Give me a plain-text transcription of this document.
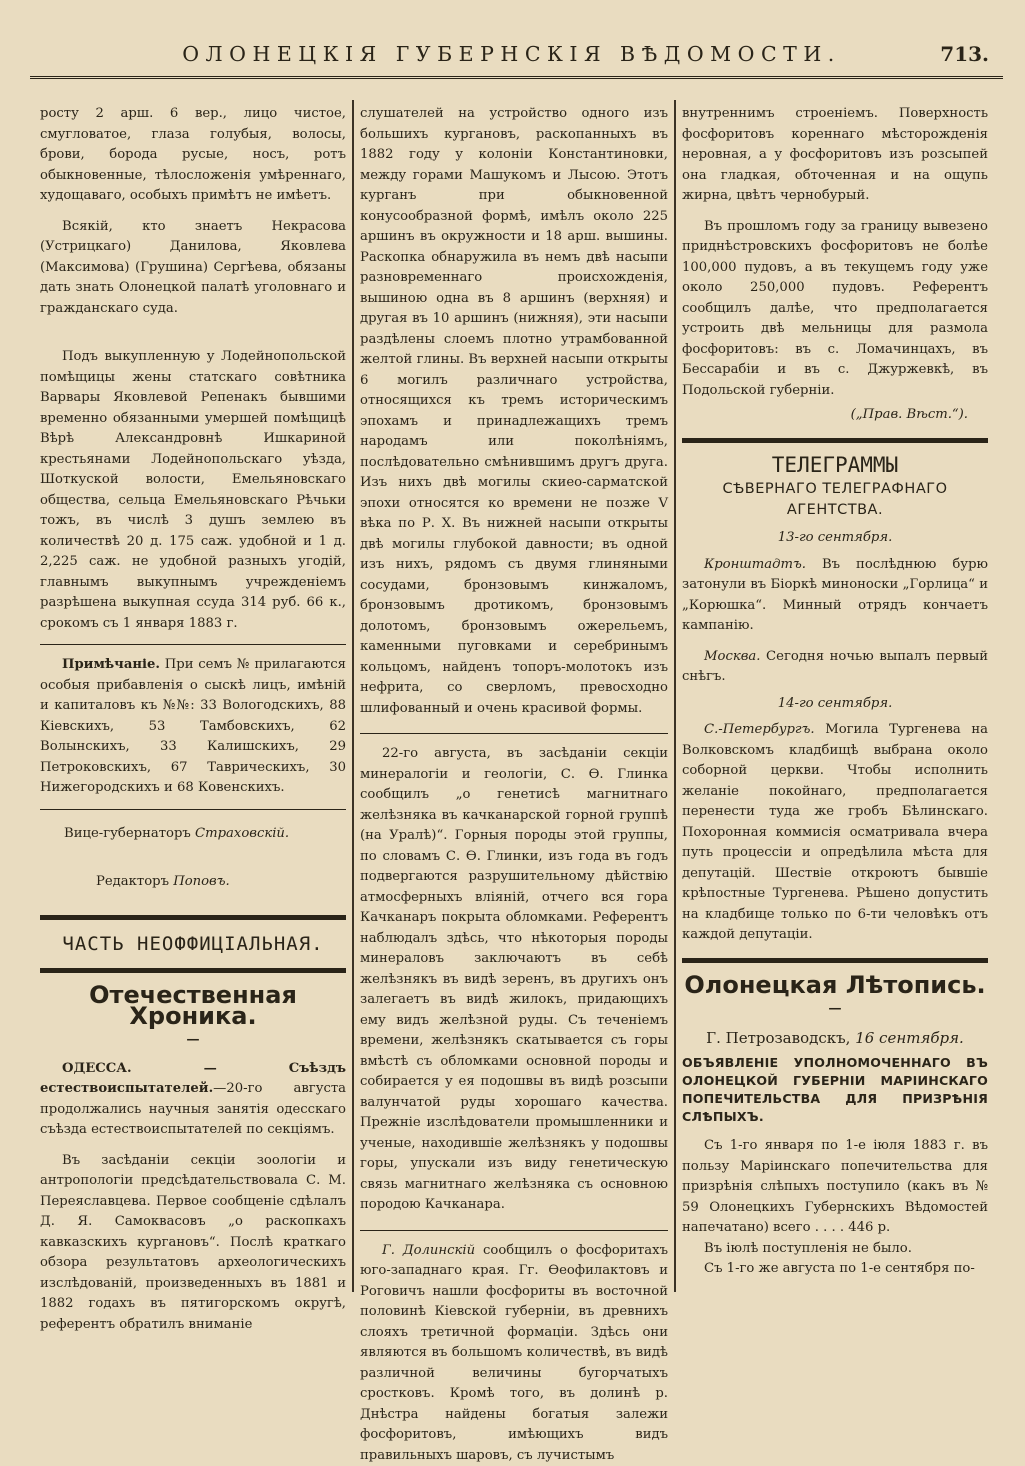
ОЛОНЕЦКІЯ ГУБЕРНСКІЯ ВѢДОМОСТИ.	713.

росту 2 арш. 6 вер., лицо чистое, смугловатое, глаза голубыя, волосы, брови, борода русые, носъ, ротъ обыкновенные, тѣлосложенія умѣреннаго, худощаваго, особыхъ примѣтъ не имѣетъ.

Всякій, кто знаетъ Некрасова (Устрицкаго) Данилова, Яковлева (Максимова) (Грушина) Сергѣева, обязаны дать знать Олонецкой палатѣ уголовнаго и гражданскаго суда.

Подъ выкупленную у Лодейнопольской помѣщицы жены статскаго совѣтника Варвары Яковлевой Репенакъ бывшими временно обязанными умершей помѣщицѣ Вѣрѣ Александровнѣ Ишкариной крестьянами Лодейнопольскаго уѣзда, Шоткуской волости, Емельяновскаго общества, сельца Емельяновскаго Рѣчьки тожъ, въ числѣ 3 душъ землею въ количествѣ 20 д. 175 саж. удобной и 1 д. 2,225 саж. не удобной разныхъ угодій, главнымъ выкупнымъ учрежденіемъ разрѣшена выкупная ссуда 314 руб. 66 к., срокомъ съ 1 января 1883 г.

Примѣчаніе. При семъ № прилагаются особыя прибавленія о сыскѣ лицъ, имѣній и капиталовъ къ №№: 33 Вологодскихъ, 88 Кіевскихъ, 53 Тамбовскихъ, 62 Волынскихъ, 33 Калишскихъ, 29 Петроковскихъ, 67 Таврическихъ, 30 Нижегородскихъ и 68 Ковенскихъ.

Вице-губернаторъ Страховскій.

Редакторъ Поповъ.

ЧАСТЬ НЕОФФИЦІАЛЬНАЯ.
Отечественная Хроника.
—

ОДЕССА. — Съѣздъ естествоиспытателей.—20-го августа продолжались научныя занятія одесскаго съѣзда естествоиспытателей по секціямъ.

Въ засѣданіи секціи зоологіи и антропологіи предсѣдательствовала С. М. Переяславцева. Первое сообщеніе сдѣлалъ Д. Я. Самоквасовъ „о раскопкахъ кавказскихъ кургановъ“. Послѣ краткаго обзора результатовъ археологическихъ изслѣдованій, произведенныхъ въ 1881 и 1882 годахъ въ пятигорскомъ округѣ, референтъ обратилъ вниманіе

слушателей на устройство одного изъ большихъ кургановъ, раскопанныхъ въ 1882 году у колоніи Константиновки, между горами Машукомъ и Лысою. Этотъ курганъ при обыкновенной конусообразной формѣ, имѣлъ около 225 аршинъ въ окружности и 18 арш. вышины. Раскопка обнаружила въ немъ двѣ насыпи разновременнаго происхожденія, вышиною одна въ 8 аршинъ (верхняя) и другая въ 10 аршинъ (нижняя), эти насыпи раздѣлены слоемъ плотно утрамбованной желтой глины. Въ верхней насыпи открыты 6 могилъ различнаго устройства, относящихся къ тремъ историческимъ эпохамъ и принадлежащихъ тремъ народамъ или поколѣніямъ, послѣдовательно смѣнившимъ другъ друга. Изъ нихъ двѣ могилы скиео-сарматской эпохи относятся ко времени не позже V вѣка по Р. Х. Въ нижней насыпи открыты двѣ могилы глубокой давности; въ одной изъ нихъ, рядомъ съ двумя глиняными сосудами, бронзовымъ кинжаломъ, бронзовымъ дротикомъ, бронзовымъ долотомъ, бронзовымъ ожерельемъ, каменными пуговками и серебринымъ кольцомъ, найденъ топоръ-молотокъ изъ нефрита, со сверломъ, превосходно шлифованный и очень красивой формы.

22-го августа, въ засѣданіи секціи минералогіи и геологіи, С. Ѳ. Глинка сообщилъ „о генетисѣ магнитнаго желѣзняка въ качканарской горной группѣ (на Уралѣ)“. Горныя породы этой группы, по словамъ С. Ѳ. Глинки, изъ года въ годъ подвергаются разрушительному дѣйствію атмосферныхъ вліяній, отчего вся гора Качканаръ покрыта обломками. Референтъ наблюдалъ здѣсь, что нѣкоторыя породы минераловъ заключаютъ въ себѣ желѣзнякъ въ видѣ зеренъ, въ другихъ онъ залегаетъ въ видѣ жилокъ, придающихъ ему видъ желѣзной руды. Съ теченіемъ времени, желѣзнякъ скатывается съ горы вмѣстѣ съ обломками основной породы и собирается у ея подошвы въ видѣ розсыпи валунчатой руды хорошаго качества. Прежніе изслѣдователи промышленники и ученые, находившіе желѣзнякъ у подошвы горы, упускали изъ виду генетическую связь магнитнаго желѣзняка съ основною породою Качканара.

Г. Долинскій сообщилъ о фосфоритахъ юго-западнаго края. Гг. Ѳеофилактовъ и Роговичъ нашли фосфориты въ восточной половинѣ Кіевской губерніи, въ древнихъ слояхъ третичной формаціи. Здѣсь они являются въ большомъ количествѣ, въ видѣ различной величины бугорчатыхъ сростковъ. Кромѣ того, въ долинѣ р. Днѣстра найдены богатыя залежи фосфоритовъ, имѣющихъ видъ правильныхъ шаровъ, съ лучистымъ

внутреннимъ строеніемъ. Поверхность фосфоритовъ кореннаго мѣсторожденія неровная, а у фосфоритовъ изъ розсыпей она гладкая, обточенная и на ощупь жирна, цвѣтъ чернобурый.

Въ прошломъ году за границу вывезено приднѣстровскихъ фосфоритовъ не болѣе 100,000 пудовъ, а въ текущемъ году уже около 250,000 пудовъ. Референтъ сообщилъ далѣе, что предполагается устроить двѣ мельницы для размола фосфоритовъ: въ с. Ломачинцахъ, въ Бессарабіи и въ с. Джуржевкѣ, въ Подольской губерніи.

(„Прав. Вѣст.“).
ТЕЛЕГРАММЫ
СѢВЕРНАГО ТЕЛЕГРАФНАГО АГЕНТСТВА.
13-го сентября.

Кронштадтъ. Въ послѣднюю бурю затонули въ Біоркѣ миноноски „Горлица“ и „Корюшка“. Минный отрядъ кончаетъ кампанію.

Москва. Сегодня ночью выпалъ первый снѣгъ.

14-го сентября.

С.-Петербургъ. Могила Тургенева на Волковскомъ кладбищѣ выбрана около соборной церкви. Чтобы исполнить желаніе покойнаго, предполагается перенести туда же гробъ Бѣлинскаго. Похоронная коммисія осматривала вчера путь процессіи и опредѣлила мѣста для депутацій. Шествіе откроютъ бывшіе крѣпостные Тургенева. Рѣшено допустить на кладбище только по 6-ти человѣкъ отъ каждой депутаціи.

Олонецкая Лѣтопись.
—
Г. Петрозаводскъ, 16 сентября.
ОБЪЯВЛЕНІЕ УПОЛНОМОЧЕННАГО ВЪ ОЛОНЕЦКОЙ ГУБЕРНІИ МАРІИНСКАГО ПОПЕЧИТЕЛЬСТВА ДЛЯ ПРИЗРѢНІЯ СЛѢПЫХЪ.

Съ 1-го января по 1-е іюля 1883 г. въ пользу Маріинскаго попечительства для призрѣнія слѣпыхъ поступило (какъ въ № 59 Олонецкихъ Губернскихъ Вѣдомостей напечатано) всего . . . . 446 р.

Въ іюлѣ поступленія не было.

Съ 1-го же августа по 1-е сентября по-
